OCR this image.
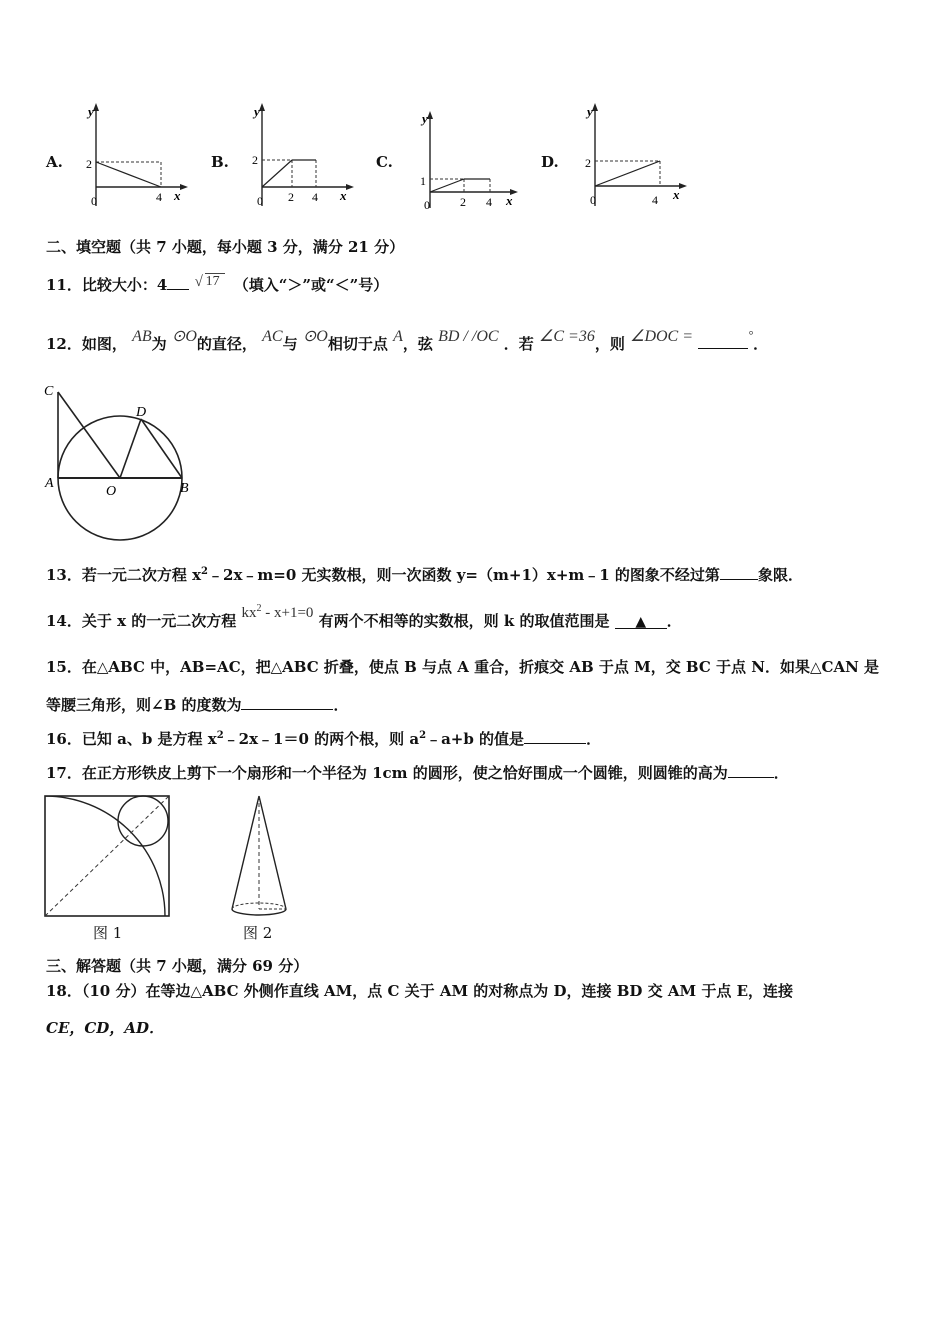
A.
y
x
0
2
4
B.
y
x
0
2
2 4
C.
y
x
0
1
2 4
D.
y
x
0
2
4
二、填空题（共 7 小题，每小题 3 分，满分 21 分）
11．比较大小：4 √ 17 （填入“＞”或“＜”号）
12．如图， AB为 ⊙O的直径， AC与 ⊙O相切于点 A，弦 BD / /OC ．若 ∠C =36，则 ∠DOC =	°．
C
D
A
O	B
13．若一元二次方程 $x^2﹣2x﹣m=0$ 无实数根，则一次函数 y=（m+1）x+m﹣1 的图象不经过第	象限．
14．关于 x 的一元二次方程 $kx^2 - x+1=0$ 有两个不相等的实数根，则 k 的取值范围是 ▲ ．
15．在△ABC 中，AB=AC，把△ABC 折叠，使点 B 与点 A 重合，折痕交 AB 于点 M，交 BC 于点 N．如果△CAN 是
等腰三角形，则∠B 的度数为	．
16．已知 a、b 是方程 $x^2﹣2x﹣1=0$ 的两个根，则 $a^2﹣a+b$ 的值是	．
17．在正方形铁皮上剪下一个扇形和一个半径为 1cm 的圆形，使之恰好围成一个圆锥，则圆锥的高为	．
图 1	图 2
三、解答题（共 7 小题，满分 69 分）
18．（10 分）在等边△ABC 外侧作直线 AM，点 C 关于 AM 的对称点为 D，连接 BD 交 AM 于点 E，连接
CE，CD，AD．
